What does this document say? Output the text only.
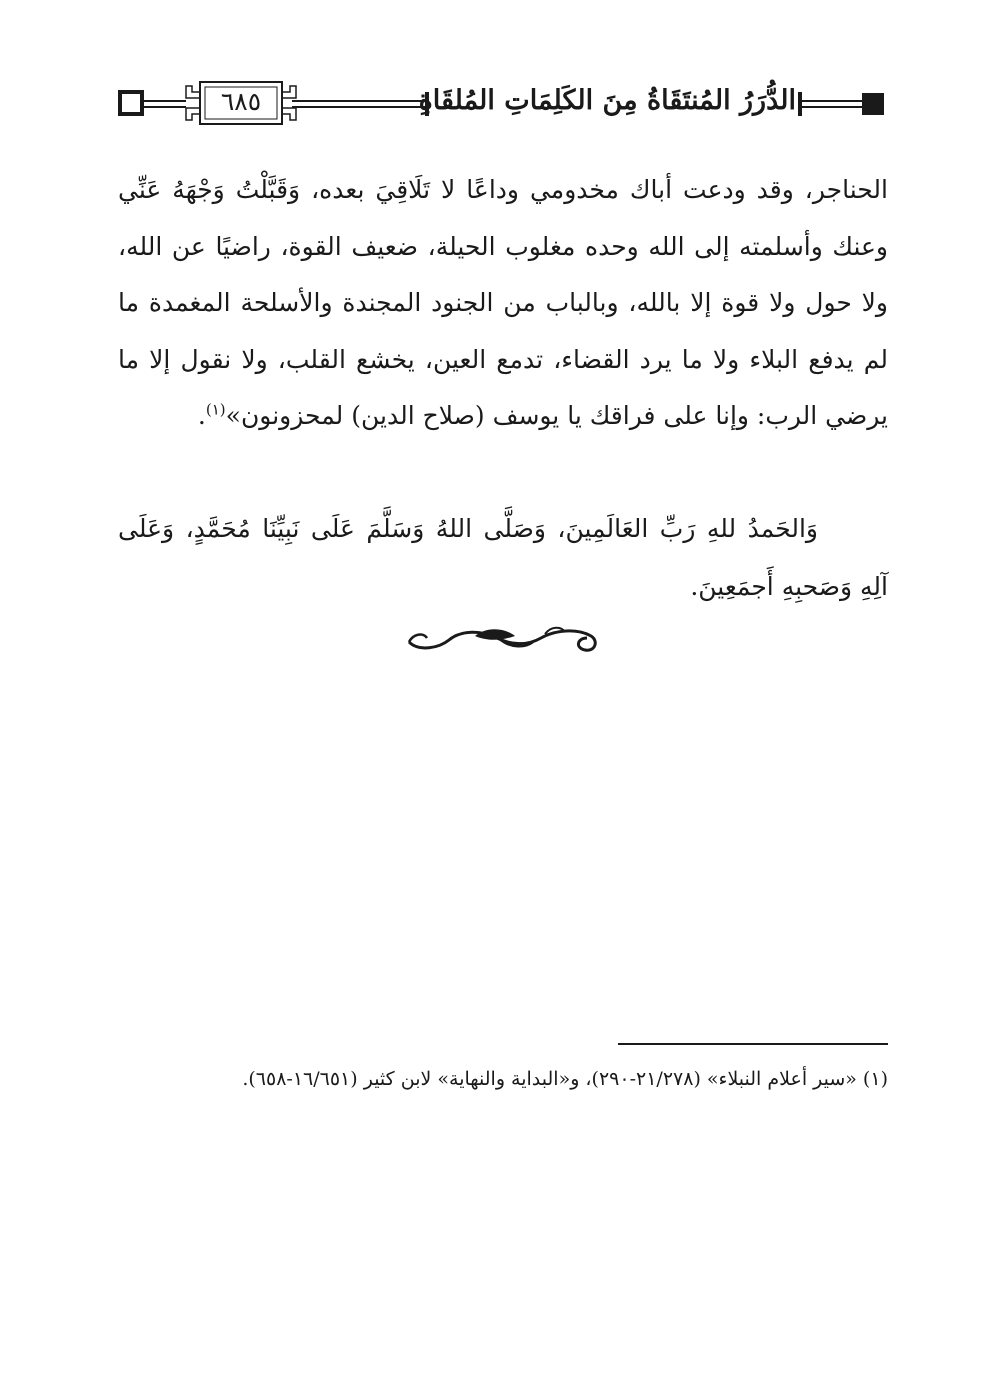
الدُّرَرُ المُنتَقَاةُ مِنَ الكَلِمَاتِ المُلقَاةِ
٦٨٥

الحناجر، وقد ودعت أباك مخدومي وداعًا لا تَلَاقِيَ بعده، وَقَبَّلْتُ وَجْهَهُ عَنِّي وعنك وأسلمته إلى الله وحده مغلوب الحيلة، ضعيف القوة، راضيًا عن الله، ولا حول ولا قوة إلا بالله، وبالباب من الجنود المجندة والأسلحة المغمدة ما لم يدفع البلاء ولا ما يرد القضاء، تدمع العين، يخشع القلب، ولا نقول إلا ما يرضي الرب: وإنا على فراقك يا يوسف (صلاح الدين) لمحزونون»$^{(١)}$.

وَالحَمدُ للهِ رَبِّ العَالَمِينَ، وَصَلَّى اللهُ وَسَلَّمَ عَلَى نَبِيِّنَا مُحَمَّدٍ، وَعَلَى آلِهِ وَصَحبِهِ أَجمَعِينَ.

(١) «سير أعلام النبلاء» (٢١/٢٧٨-٢٩٠)، و«البداية والنهاية» لابن كثير (١٦/٦٥١-٦٥٨).
